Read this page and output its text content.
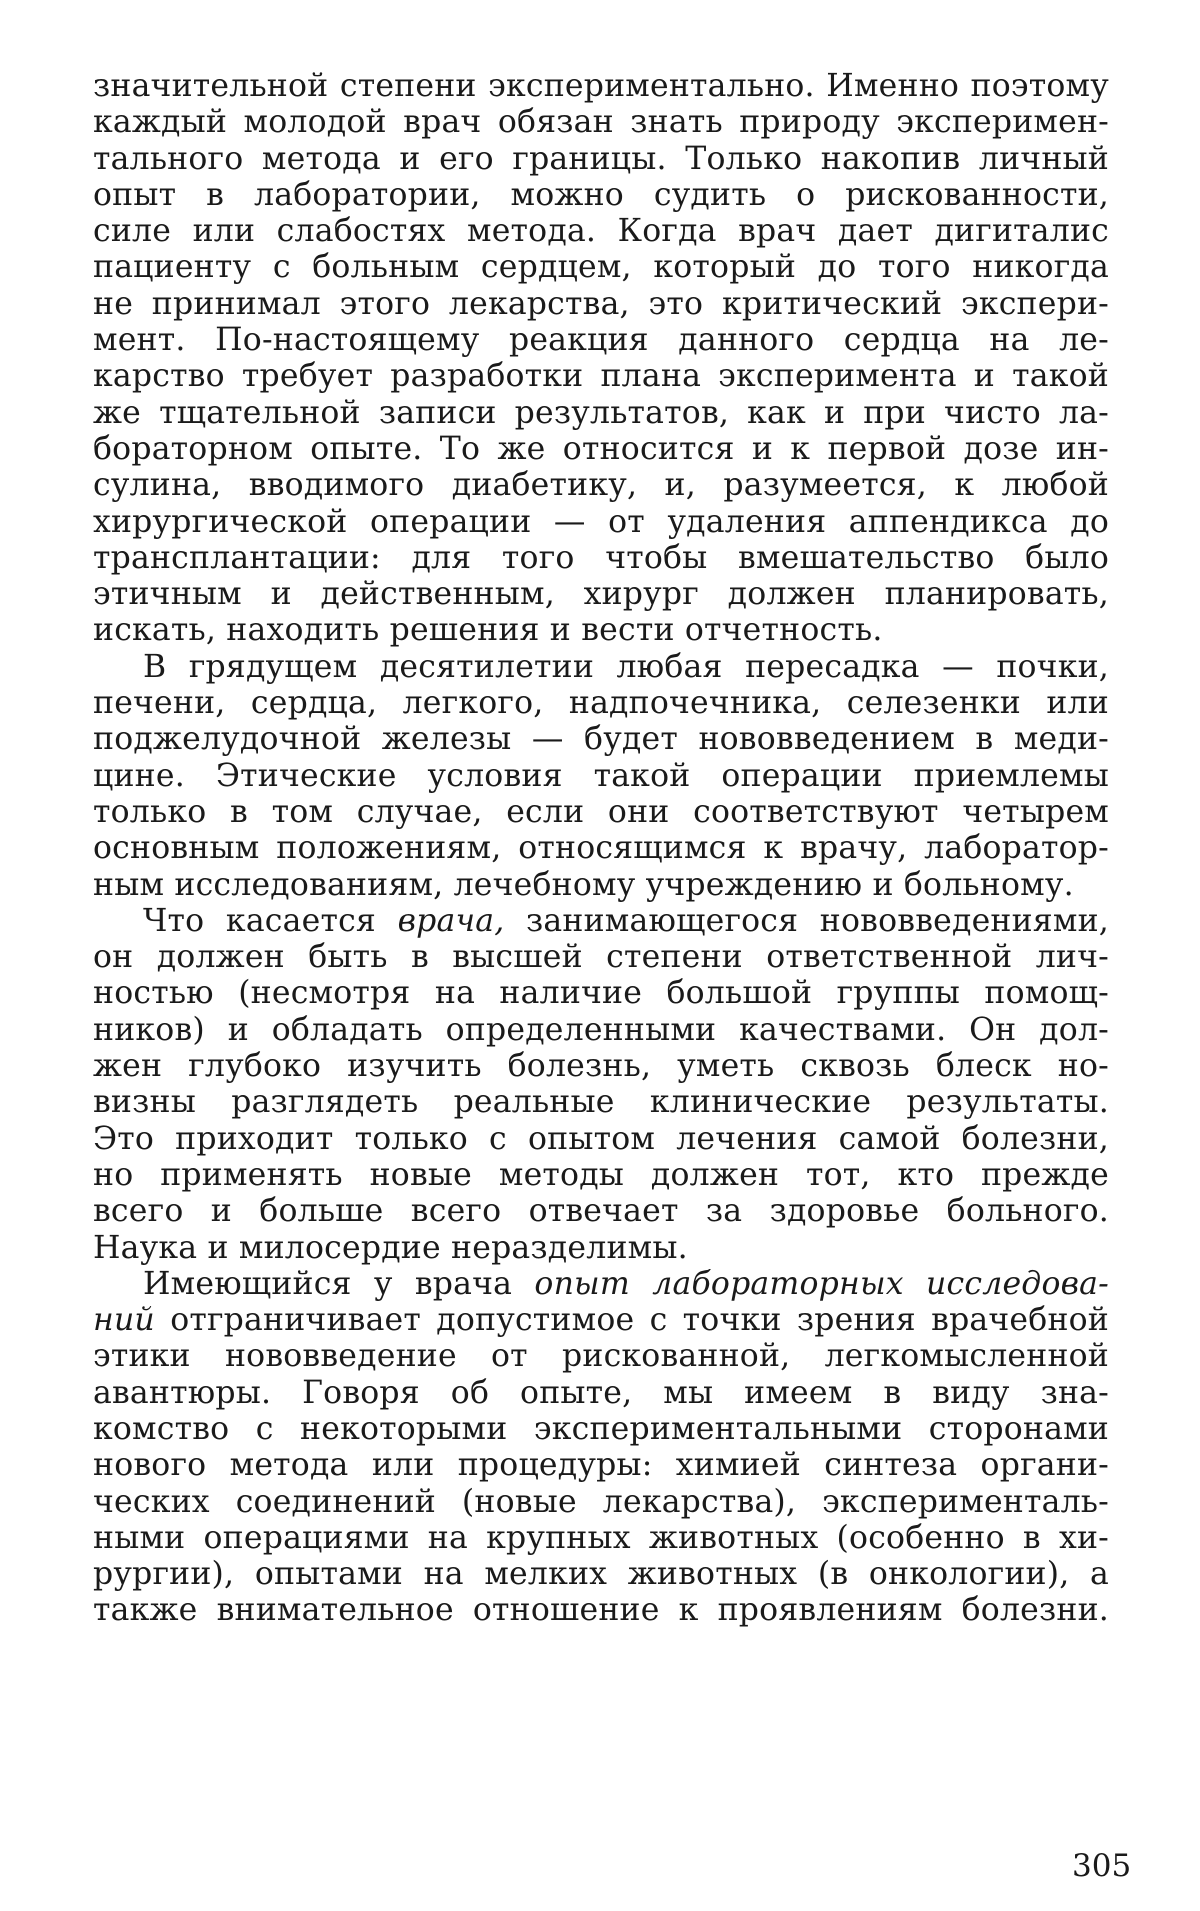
значительной степени экспериментально. Именно поэтому
каждый молодой врач обязан знать природу эксперимен-
тального метода и его границы. Только накопив личный
опыт в лаборатории, можно судить о рискованности,
силе или слабостях метода. Когда врач дает дигиталис
пациенту с больным сердцем, который до того никогда
не принимал этого лекарства, это критический экспери-
мент. По-настоящему реакция данного сердца на ле-
карство требует разработки плана эксперимента и такой
же тщательной записи результатов, как и при чисто ла-
бораторном опыте. То же относится и к первой дозе ин-
сулина, вводимого диабетику, и, разумеется, к любой
хирургической операции — от удаления аппендикса до
трансплантации: для того чтобы вмешательство было
этичным и действенным, хирург должен планировать,
искать, находить решения и вести отчетность.

В грядущем десятилетии любая пересадка — почки,
печени, сердца, легкого, надпочечника, селезенки или
поджелудочной железы — будет нововведением в меди-
цине. Этические условия такой операции приемлемы
только в том случае, если они соответствуют четырем
основным положениям, относящимся к врачу, лаборатор-
ным исследованиям, лечебному учреждению и больному.

Что касается врача, занимающегося нововведениями,
он должен быть в высшей степени ответственной лич-
ностью (несмотря на наличие большой группы помощ-
ников) и обладать определенными качествами. Он дол-
жен глубоко изучить болезнь, уметь сквозь блеск но-
визны разглядеть реальные клинические результаты.
Это приходит только с опытом лечения самой болезни,
но применять новые методы должен тот, кто прежде
всего и больше всего отвечает за здоровье больного.
Наука и милосердие неразделимы.

Имеющийся у врача опыт лабораторных исследова-
ний отграничивает допустимое с точки зрения врачебной
этики нововведение от рискованной, легкомысленной
авантюры. Говоря об опыте, мы имеем в виду зна-
комство с некоторыми экспериментальными сторонами
нового метода или процедуры: химией синтеза органи-
ческих соединений (новые лекарства), эксперименталь-
ными операциями на крупных животных (особенно в хи-
рургии), опытами на мелких животных (в онкологии), а
также внимательное отношение к проявлениям болезни.

305
